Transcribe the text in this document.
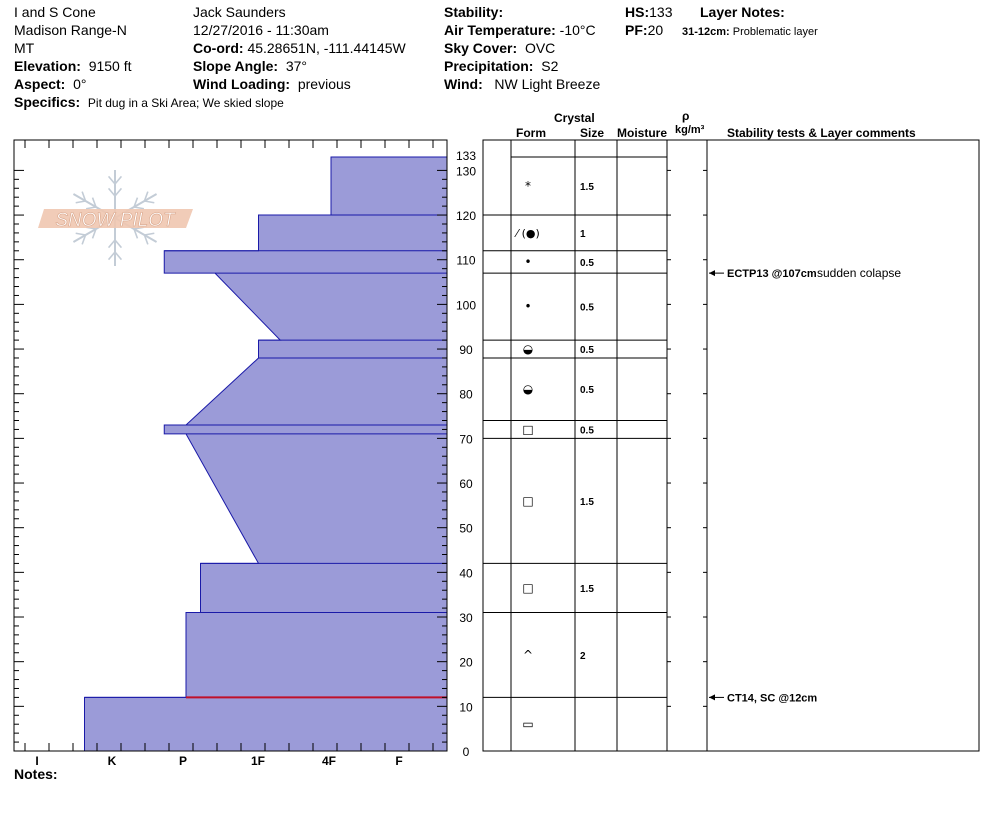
I and S Cone
Madison Range-N
MT
Elevation: 9150 ft
Aspect: 0°
Specifics: Pit dug in a Ski Area; We skied slope
Jack Saunders
12/27/2016 - 11:30am
Co-ord: 45.28651N, -111.44145W
Slope Angle: 37°
Wind Loading: previous
Stability:
Air Temperature: -10°C
Sky Cover: OVC
Precipitation: S2
Wind: NW Light Breeze
HS:133
PF:20
Layer Notes:
31-12cm: Problematic layer
Crystal
Form	Size Moisture
ρ
kg/m³ Stability tests & Layer comments
Notes:
SNOW PILOT
I	K	P	1F	4F	F
0
10
20
30
40
50
60
70
80
90
100
110
120
130
133
*	1.5
⁄ (●)	1
•	0.5
•	0.5
◒	0.5
◒	0.5
□	0.5
□	1.5
□	1.5
^	2
▭
ECTP13 @107cm sudden colapse
CT14, SC @12cm
